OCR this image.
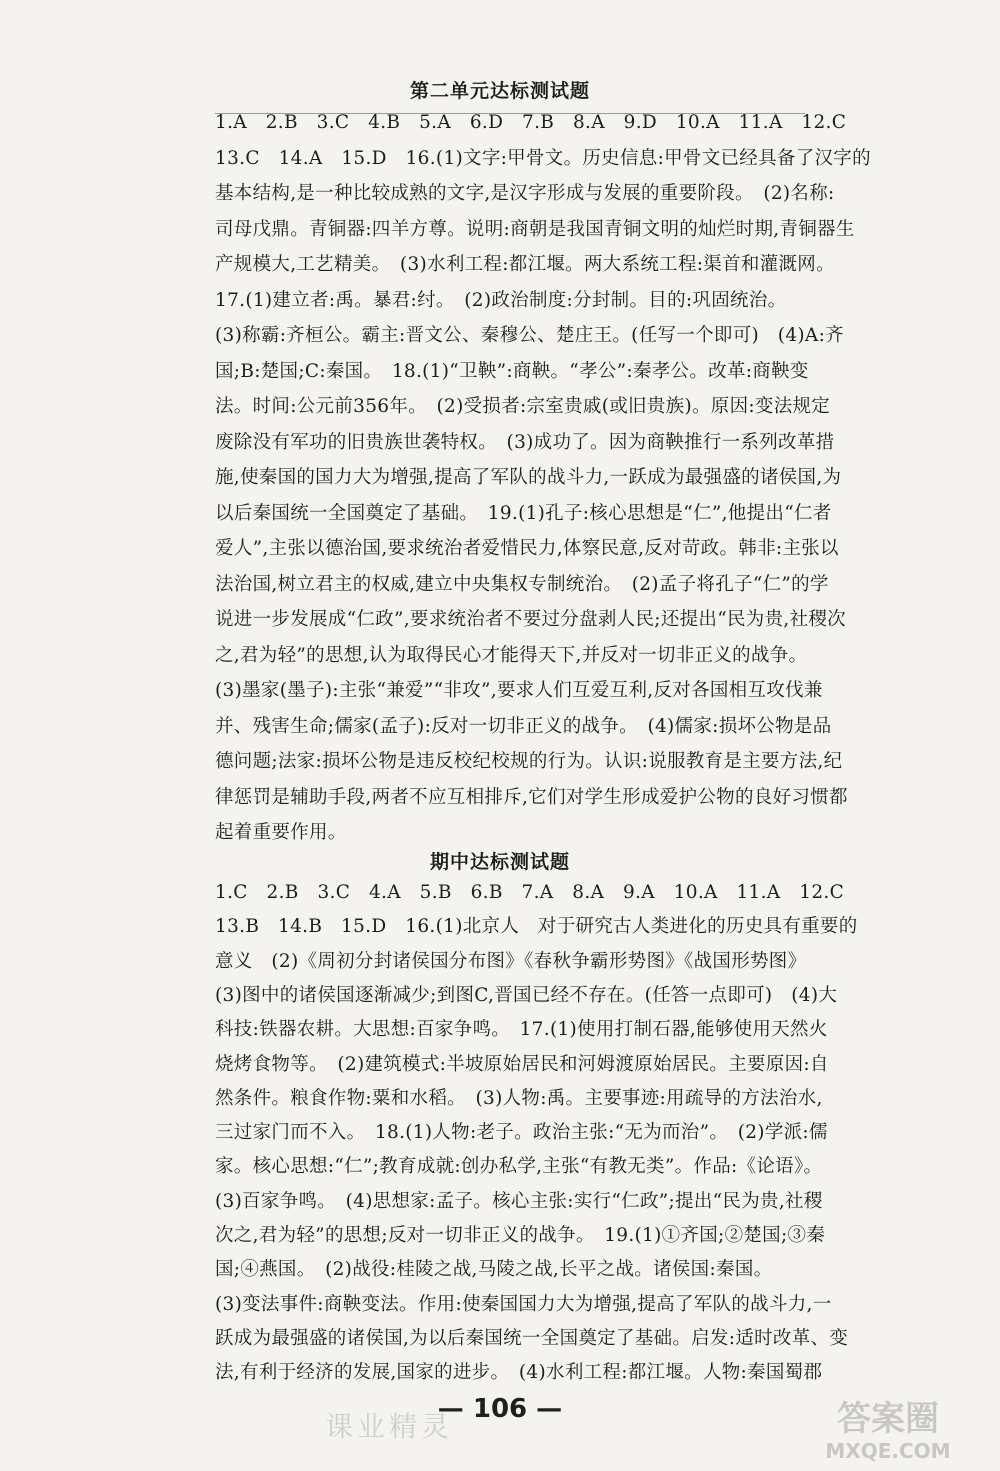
第二单元达标测试题
1.A　2.B　3.C　4.B　5.A　6.D　7.B　8.A　9.D　10.A　11.A　12.C
13.C　14.A　15.D　16.(1)文字:甲骨文。历史信息:甲骨文已经具备了汉字的
基本结构,是一种比较成熟的文字,是汉字形成与发展的重要阶段。　(2)名称:
司母戊鼎。青铜器:四羊方尊。说明:商朝是我国青铜文明的灿烂时期,青铜器生
产规模大,工艺精美。　(3)水利工程:都江堰。两大系统工程:渠首和灌溉网。
17.(1)建立者:禹。暴君:纣。　(2)政治制度:分封制。目的:巩固统治。
(3)称霸:齐桓公。霸主:晋文公、秦穆公、楚庄王。(任写一个即可)　(4)A:齐
国;B:楚国;C:秦国。　18.(1)“卫鞅”:商鞅。“孝公”:秦孝公。改革:商鞅变
法。时间:公元前356年。　(2)受损者:宗室贵戚(或旧贵族)。原因:变法规定
废除没有军功的旧贵族世袭特权。　(3)成功了。因为商鞅推行一系列改革措
施,使秦国的国力大为增强,提高了军队的战斗力,一跃成为最强盛的诸侯国,为
以后秦国统一全国奠定了基础。　19.(1)孔子:核心思想是“仁”,他提出“仁者
爱人”,主张以德治国,要求统治者爱惜民力,体察民意,反对苛政。韩非:主张以
法治国,树立君主的权威,建立中央集权专制统治。　(2)孟子将孔子“仁”的学
说进一步发展成“仁政”,要求统治者不要过分盘剥人民;还提出“民为贵,社稷次
之,君为轻”的思想,认为取得民心才能得天下,并反对一切非正义的战争。
(3)墨家(墨子):主张“兼爱”“非攻”,要求人们互爱互利,反对各国相互攻伐兼
并、残害生命;儒家(孟子):反对一切非正义的战争。　(4)儒家:损坏公物是品
德问题;法家:损坏公物是违反校纪校规的行为。认识:说服教育是主要方法,纪
律惩罚是辅助手段,两者不应互相排斥,它们对学生形成爱护公物的良好习惯都
起着重要作用。
期中达标测试题
1.C　2.B　3.C　4.A　5.B　6.B　7.A　8.A　9.A　10.A　11.A　12.C
13.B　14.B　15.D　16.(1)北京人　对于研究古人类进化的历史具有重要的
意义　(2)《周初分封诸侯国分布图》《春秋争霸形势图》《战国形势图》
(3)图中的诸侯国逐渐减少;到图C,晋国已经不存在。(任答一点即可)　(4)大
科技:铁器农耕。大思想:百家争鸣。　17.(1)使用打制石器,能够使用天然火
烧烤食物等。　(2)建筑模式:半坡原始居民和河姆渡原始居民。主要原因:自
然条件。粮食作物:粟和水稻。　(3)人物:禹。主要事迹:用疏导的方法治水,
三过家门而不入。　18.(1)人物:老子。政治主张:“无为而治”。　(2)学派:儒
家。核心思想:“仁”;教育成就:创办私学,主张“有教无类”。作品:《论语》。
(3)百家争鸣。　(4)思想家:孟子。核心主张:实行“仁政”;提出“民为贵,社稷
次之,君为轻”的思想;反对一切非正义的战争。　19.(1)①齐国;②楚国;③秦
国;④燕国。　(2)战役:桂陵之战,马陵之战,长平之战。诸侯国:秦国。
(3)变法事件:商鞅变法。作用:使秦国国力大为增强,提高了军队的战斗力,一
跃成为最强盛的诸侯国,为以后秦国统一全国奠定了基础。启发:适时改革、变
法,有利于经济的发展,国家的进步。　(4)水利工程:都江堰。人物:秦国蜀郡
— 106 —
课业精灵	答案圈
MXQE.COM
